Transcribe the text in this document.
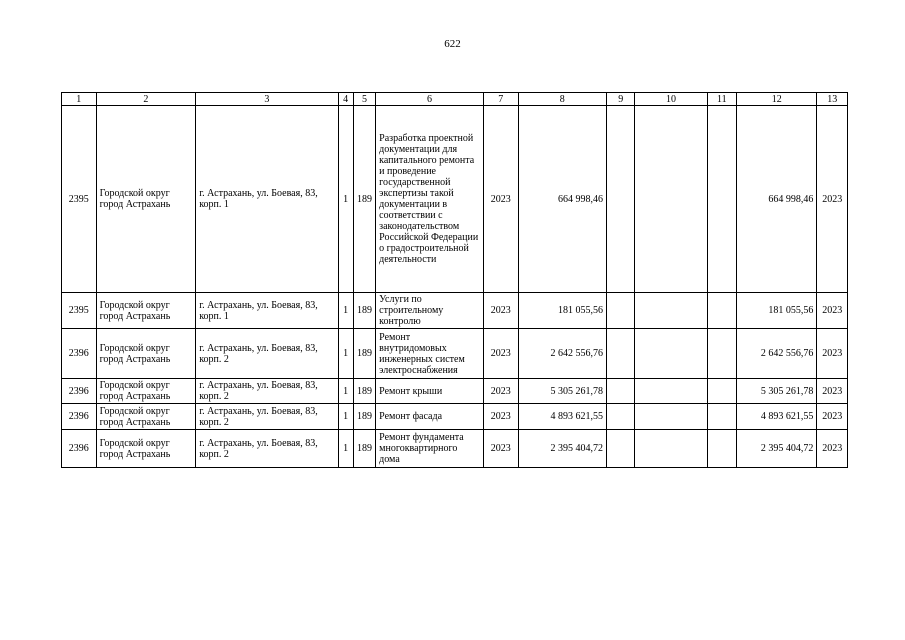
622
1	2	3	4	5	6	7	8	9	10	11	12	13
2395	Городской округ город Астрахань	г. Астрахань, ул. Боевая, 83, корп. 1	1	189	Разработка проектной документации для капитального ремонта и проведение государственной экспертизы такой документации в соответствии с законодательством Российской Федерации о градостроительной деятельности	2023	664 998,46				664 998,46	2023
2395	Городской округ город Астрахань	г. Астрахань, ул. Боевая, 83, корп. 1	1	189	Услуги по строительному контролю	2023	181 055,56				181 055,56	2023
2396	Городской округ город Астрахань	г. Астрахань, ул. Боевая, 83, корп. 2	1	189	Ремонт внутридомовых инженерных систем электроснабжения	2023	2 642 556,76				2 642 556,76	2023
2396	Городской округ город Астрахань	г. Астрахань, ул. Боевая, 83, корп. 2	1	189	Ремонт крыши	2023	5 305 261,78				5 305 261,78	2023
2396	Городской округ город Астрахань	г. Астрахань, ул. Боевая, 83, корп. 2	1	189	Ремонт фасада	2023	4 893 621,55				4 893 621,55	2023
2396	Городской округ город Астрахань	г. Астрахань, ул. Боевая, 83, корп. 2	1	189	Ремонт фундамента многоквартирного дома	2023	2 395 404,72				2 395 404,72	2023
